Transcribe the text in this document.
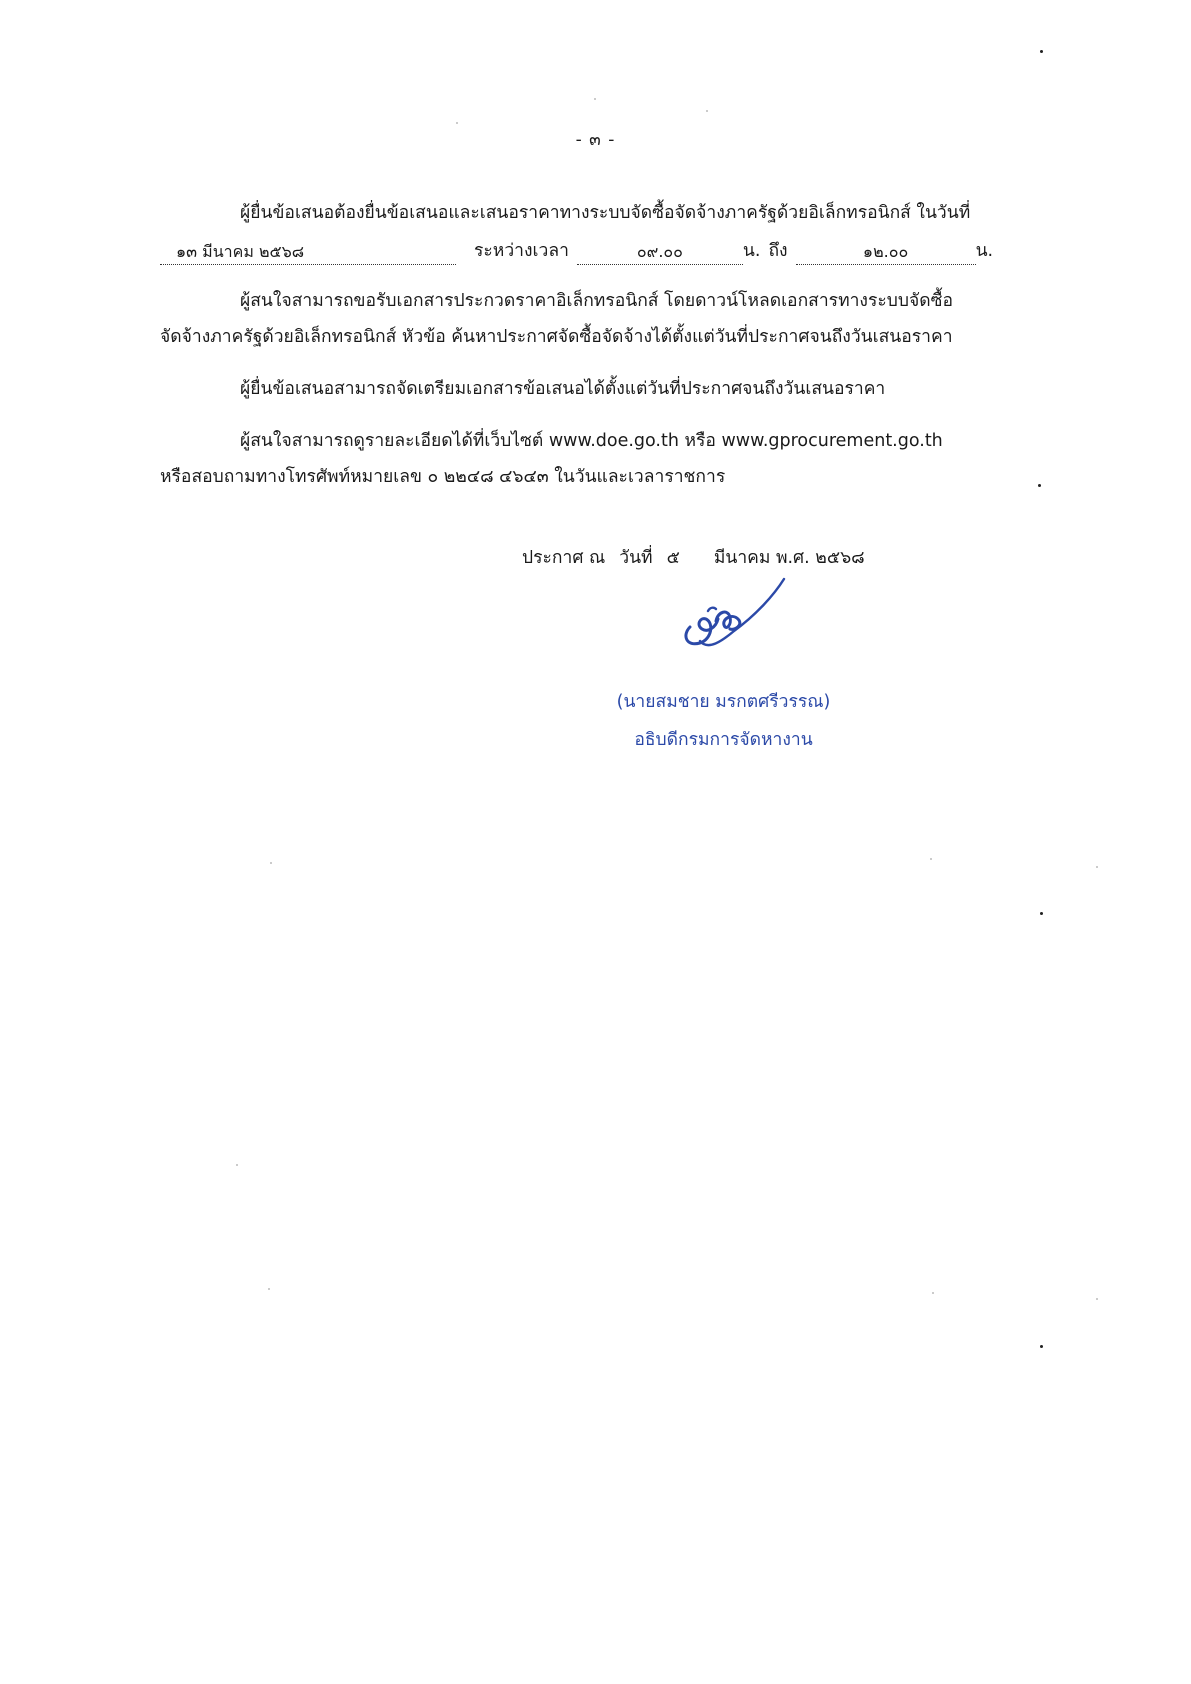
- ๓ -
ผู้ยื่นข้อเสนอต้องยื่นข้อเสนอและเสนอราคาทางระบบจัดซื้อจัดจ้างภาครัฐด้วยอิเล็กทรอนิกส์ ในวันที่
๑๓ มีนาคม ๒๕๖๘	ระหว่างเวลา	๐๙.๐๐	น. ถึง	๑๒.๐๐	น.
ผู้สนใจสามารถขอรับเอกสารประกวดราคาอิเล็กทรอนิกส์ โดยดาวน์โหลดเอกสารทางระบบจัดซื้อ
จัดจ้างภาครัฐด้วยอิเล็กทรอนิกส์ หัวข้อ ค้นหาประกาศจัดซื้อจัดจ้างได้ตั้งแต่วันที่ประกาศจนถึงวันเสนอราคา
ผู้ยื่นข้อเสนอสามารถจัดเตรียมเอกสารข้อเสนอได้ตั้งแต่วันที่ประกาศจนถึงวันเสนอราคา
ผู้สนใจสามารถดูรายละเอียดได้ที่เว็บไซต์ www.doe.go.th หรือ www.gprocurement.go.th
หรือสอบถามทางโทรศัพท์หมายเลข ๐ ๒๒๔๘ ๔๖๔๓ ในวันและเวลาราชการ
ประกาศ ณ วันที่ ๕ มีนาคม พ.ศ. ๒๕๖๘
(นายสมชาย มรกตศรีวรรณ)
อธิบดีกรมการจัดหางาน
